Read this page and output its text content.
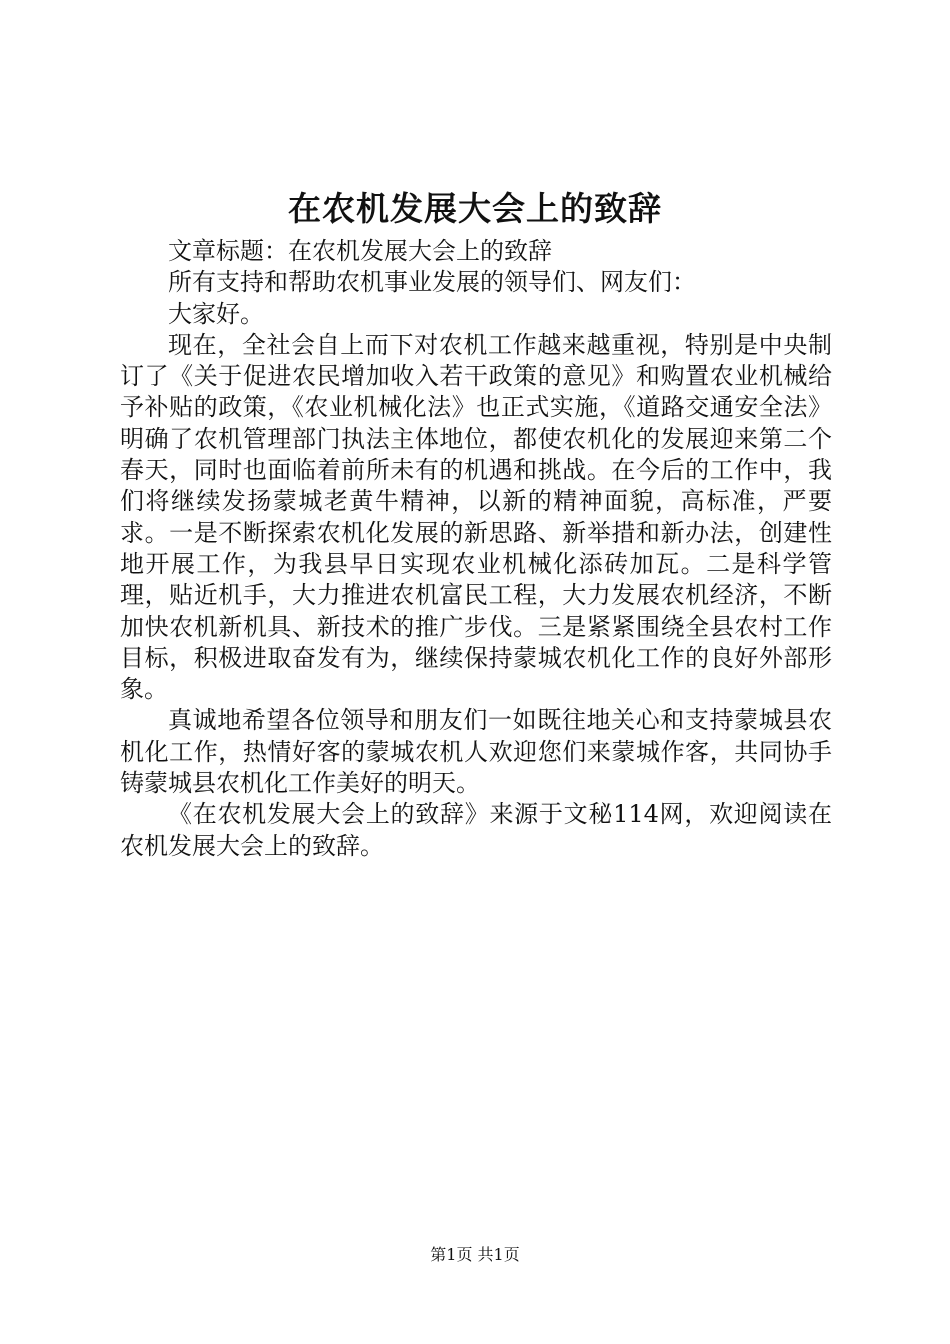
在农机发展大会上的致辞

文章标题：在农机发展大会上的致辞

所有支持和帮助农机事业发展的领导们、网友们：

大家好。

现在，全社会自上而下对农机工作越来越重视，特别是中央制订了《关于促进农民增加收入若干政策的意见》和购置农业机械给予补贴的政策，《农业机械化法》也正式实施，《道路交通安全法》明确了农机管理部门执法主体地位，都使农机化的发展迎来第二个春天，同时也面临着前所未有的机遇和挑战。在今后的工作中，我们将继续发扬蒙城老黄牛精神，以新的精神面貌，高标准，严要求。一是不断探索农机化发展的新思路、新举措和新办法，创建性地开展工作，为我县早日实现农业机械化添砖加瓦。二是科学管理，贴近机手，大力推进农机富民工程，大力发展农机经济，不断加快农机新机具、新技术的推广步伐。三是紧紧围绕全县农村工作目标，积极进取奋发有为，继续保持蒙城农机化工作的良好外部形象。

真诚地希望各位领导和朋友们一如既往地关心和支持蒙城县农机化工作，热情好客的蒙城农机人欢迎您们来蒙城作客，共同协手铸蒙城县农机化工作美好的明天。

《在农机发展大会上的致辞》来源于文秘114网，欢迎阅读在农机发展大会上的致辞。

第1页 共1页
